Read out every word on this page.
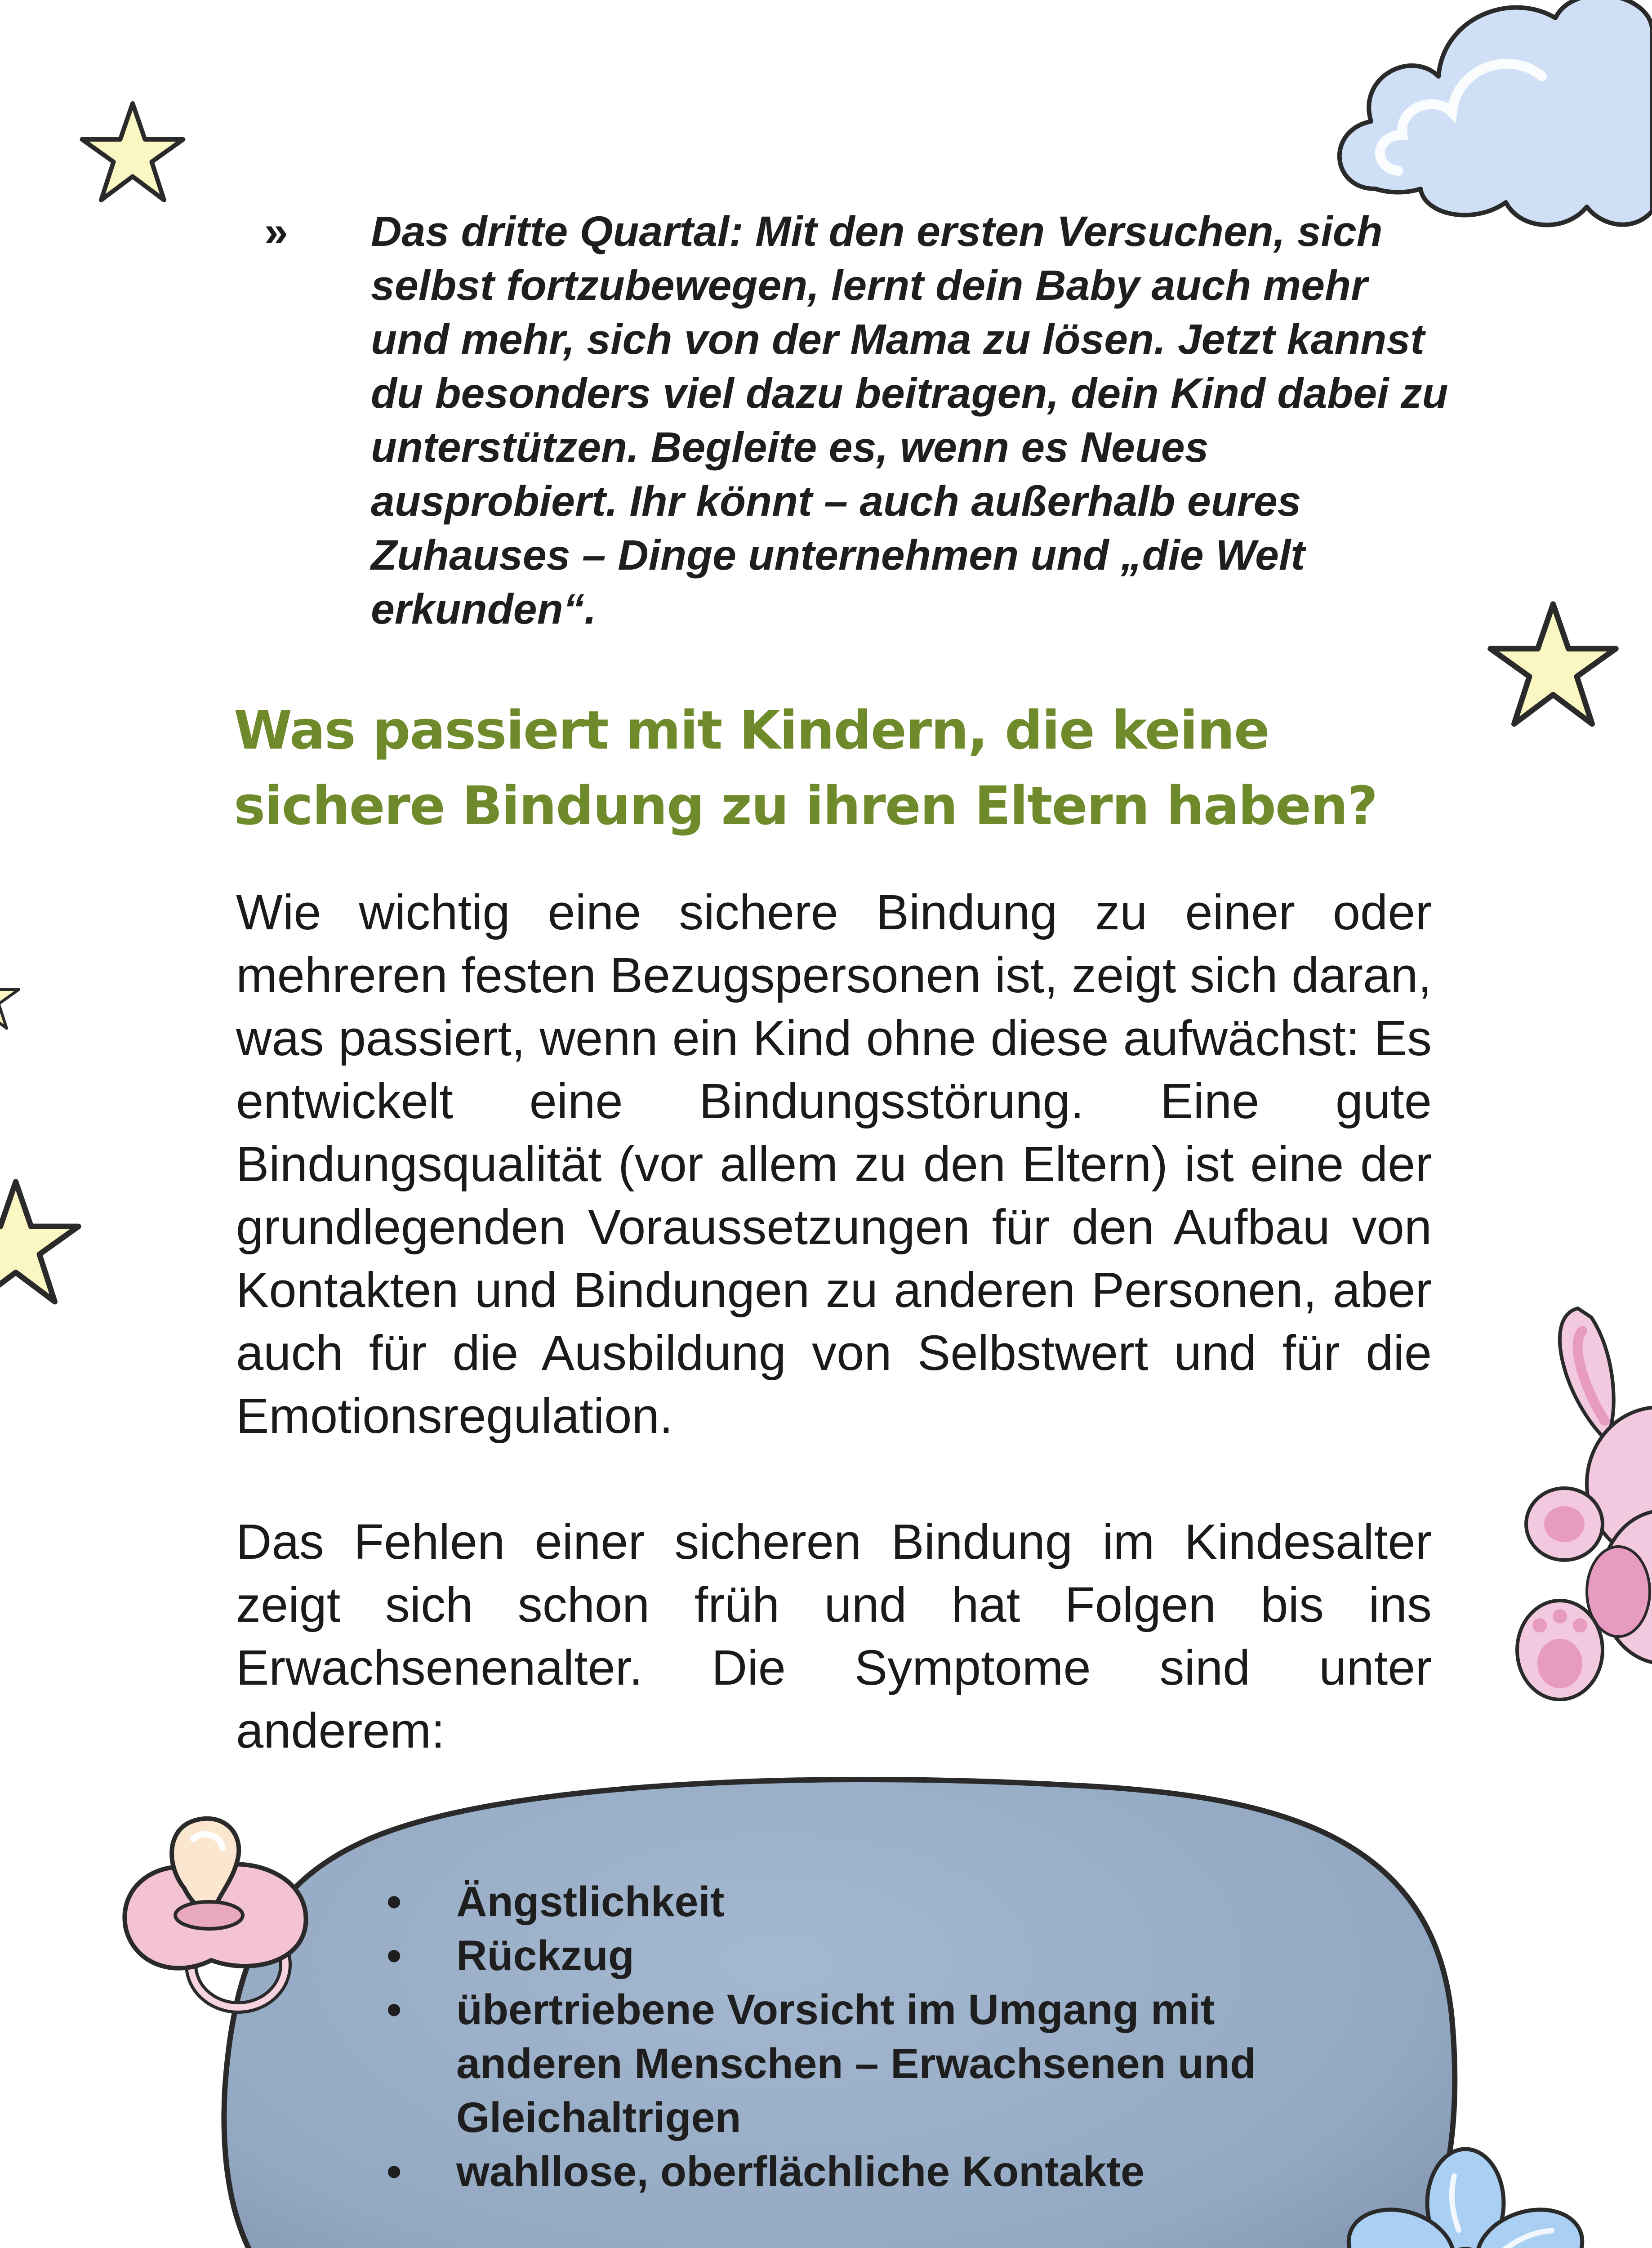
» Das dritte Quartal: Mit den ersten Versuchen, sich selbst fortzubewegen, lernt dein Baby auch mehr und mehr, sich von der Mama zu lösen. Jetzt kannst du besonders viel dazu beitragen, dein Kind dabei zu unterstützen. Begleite es, wenn es Neues ausprobiert. Ihr könnt – auch außerhalb eures Zuhauses – Dinge unternehmen und „die Welt erkunden“.

Was passiert mit Kindern, die keine sichere Bindung zu ihren Eltern haben?

Wie wichtig eine sichere Bindung zu einer oder mehreren festen Bezugspersonen ist, zeigt sich daran, was passiert, wenn ein Kind ohne diese aufwächst: Es entwickelt eine Bindungsstörung. Eine gute Bindungsqualität (vor allem zu den Eltern) ist eine der grundlegenden Voraussetzungen für den Aufbau von Kontakten und Bindungen zu anderen Personen, aber auch für die Ausbildung von Selbstwert und für die Emotionsregulation.

Das Fehlen einer sicheren Bindung im Kindesalter zeigt sich schon früh und hat Folgen bis ins Erwachsenenalter. Die Symptome sind unter anderem:

• Ängstlichkeit
• Rückzug
• übertriebene Vorsicht im Umgang mit anderen Menschen – Erwachsenen und Gleichaltrigen
• wahllose, oberflächliche Kontakte
